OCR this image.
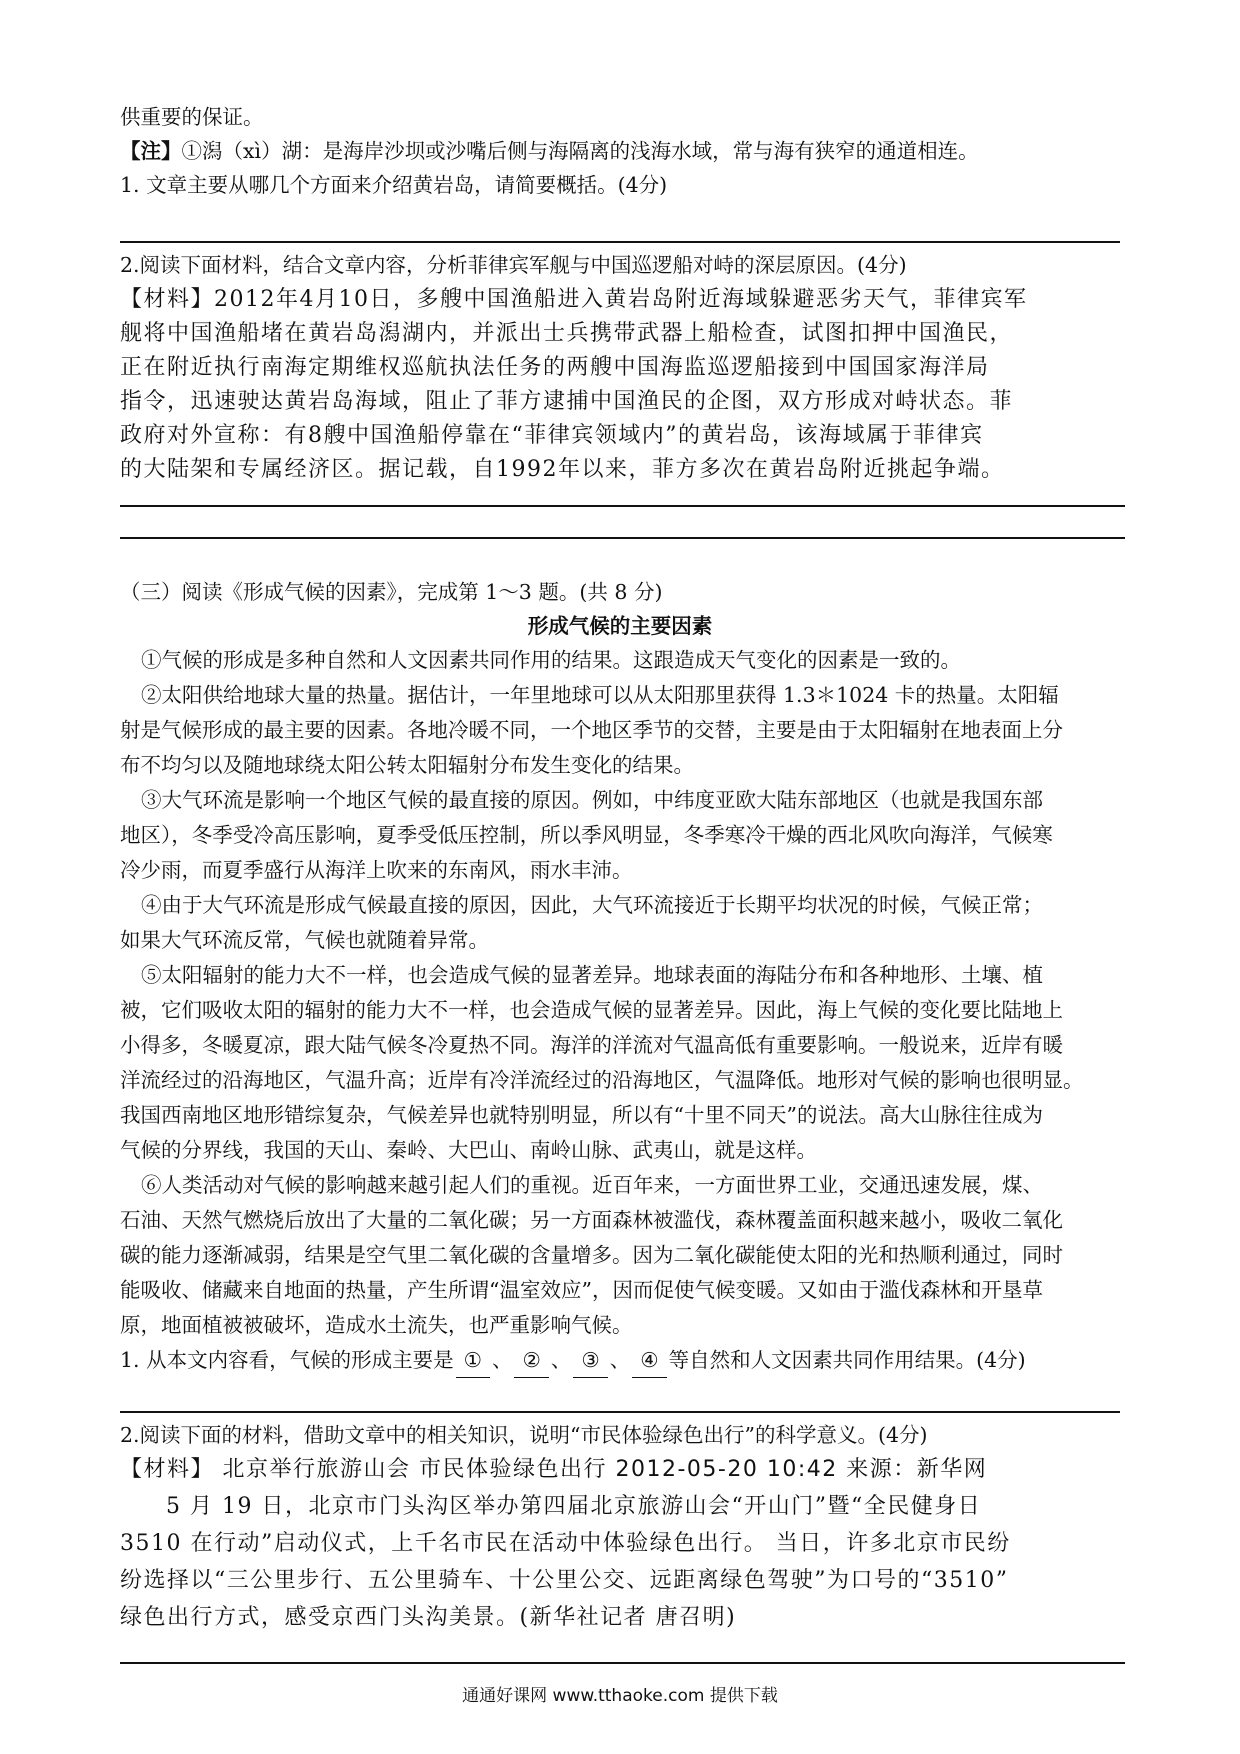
供重要的保证。
【注】①潟（xì）湖：是海岸沙坝或沙嘴后侧与海隔离的浅海水域，常与海有狭窄的通道相连。
1. 文章主要从哪几个方面来介绍黄岩岛，请简要概括。(4分)
2.阅读下面材料，结合文章内容，分析菲律宾军舰与中国巡逻船对峙的深层原因。(4分)
【材料】2012年4月10日，多艘中国渔船进入黄岩岛附近海域躲避恶劣天气，菲律宾军
舰将中国渔船堵在黄岩岛潟湖内，并派出士兵携带武器上船检查，试图扣押中国渔民，
正在附近执行南海定期维权巡航执法任务的两艘中国海监巡逻船接到中国国家海洋局
指令，迅速驶达黄岩岛海域，阻止了菲方逮捕中国渔民的企图，双方形成对峙状态。菲
政府对外宣称：有8艘中国渔船停靠在“菲律宾领域内”的黄岩岛，该海域属于菲律宾
的大陆架和专属经济区。据记载，自1992年以来，菲方多次在黄岩岛附近挑起争端。
（三）阅读《形成气候的因素》，完成第 1～3 题。(共 8 分)
形成气候的主要因素
①气候的形成是多种自然和人文因素共同作用的结果。这跟造成天气变化的因素是一致的。
②太阳供给地球大量的热量。据估计，一年里地球可以从太阳那里获得 1.3＊1024 卡的热量。太阳辐
射是气候形成的最主要的因素。各地冷暖不同，一个地区季节的交替，主要是由于太阳辐射在地表面上分
布不均匀以及随地球绕太阳公转太阳辐射分布发生变化的结果。
③大气环流是影响一个地区气候的最直接的原因。例如，中纬度亚欧大陆东部地区（也就是我国东部
地区），冬季受冷高压影响，夏季受低压控制，所以季风明显，冬季寒冷干燥的西北风吹向海洋，气候寒
冷少雨，而夏季盛行从海洋上吹来的东南风，雨水丰沛。
④由于大气环流是形成气候最直接的原因，因此，大气环流接近于长期平均状况的时候，气候正常；
如果大气环流反常，气候也就随着异常。
⑤太阳辐射的能力大不一样，也会造成气候的显著差异。地球表面的海陆分布和各种地形、土壤、植
被，它们吸收太阳的辐射的能力大不一样，也会造成气候的显著差异。因此，海上气候的变化要比陆地上
小得多，冬暖夏凉，跟大陆气候冬冷夏热不同。海洋的洋流对气温高低有重要影响。一般说来，近岸有暖
洋流经过的沿海地区，气温升高；近岸有冷洋流经过的沿海地区，气温降低。地形对气候的影响也很明显。
我国西南地区地形错综复杂，气候差异也就特别明显，所以有“十里不同天”的说法。高大山脉往往成为
气候的分界线，我国的天山、秦岭、大巴山、南岭山脉、武夷山，就是这样。
⑥人类活动对气候的影响越来越引起人们的重视。近百年来，一方面世界工业，交通迅速发展，煤、
石油、天然气燃烧后放出了大量的二氧化碳；另一方面森林被滥伐，森林覆盖面积越来越小，吸收二氧化
碳的能力逐渐减弱，结果是空气里二氧化碳的含量增多。因为二氧化碳能使太阳的光和热顺利通过，同时
能吸收、储藏来自地面的热量，产生所谓“温室效应”，因而促使气候变暖。又如由于滥伐森林和开垦草
原，地面植被被破坏，造成水土流失，也严重影响气候。
1. 从本文内容看，气候的形成主要是 ① 、 ② 、 ③ 、 ④ 等自然和人文因素共同作用结果。(4分)
2.阅读下面的材料，借助文章中的相关知识，说明“市民体验绿色出行”的科学意义。(4分)
【材料】 北京举行旅游山会 市民体验绿色出行 2012-05-20 10:42 来源：新华网
5 月 19 日，北京市门头沟区举办第四届北京旅游山会“开山门”暨“全民健身日
3510 在行动”启动仪式，上千名市民在活动中体验绿色出行。 当日，许多北京市民纷
纷选择以“三公里步行、五公里骑车、十公里公交、远距离绿色驾驶”为口号的“3510”
绿色出行方式，感受京西门头沟美景。(新华社记者 唐召明)
通通好课网 www.tthaoke.com 提供下载
